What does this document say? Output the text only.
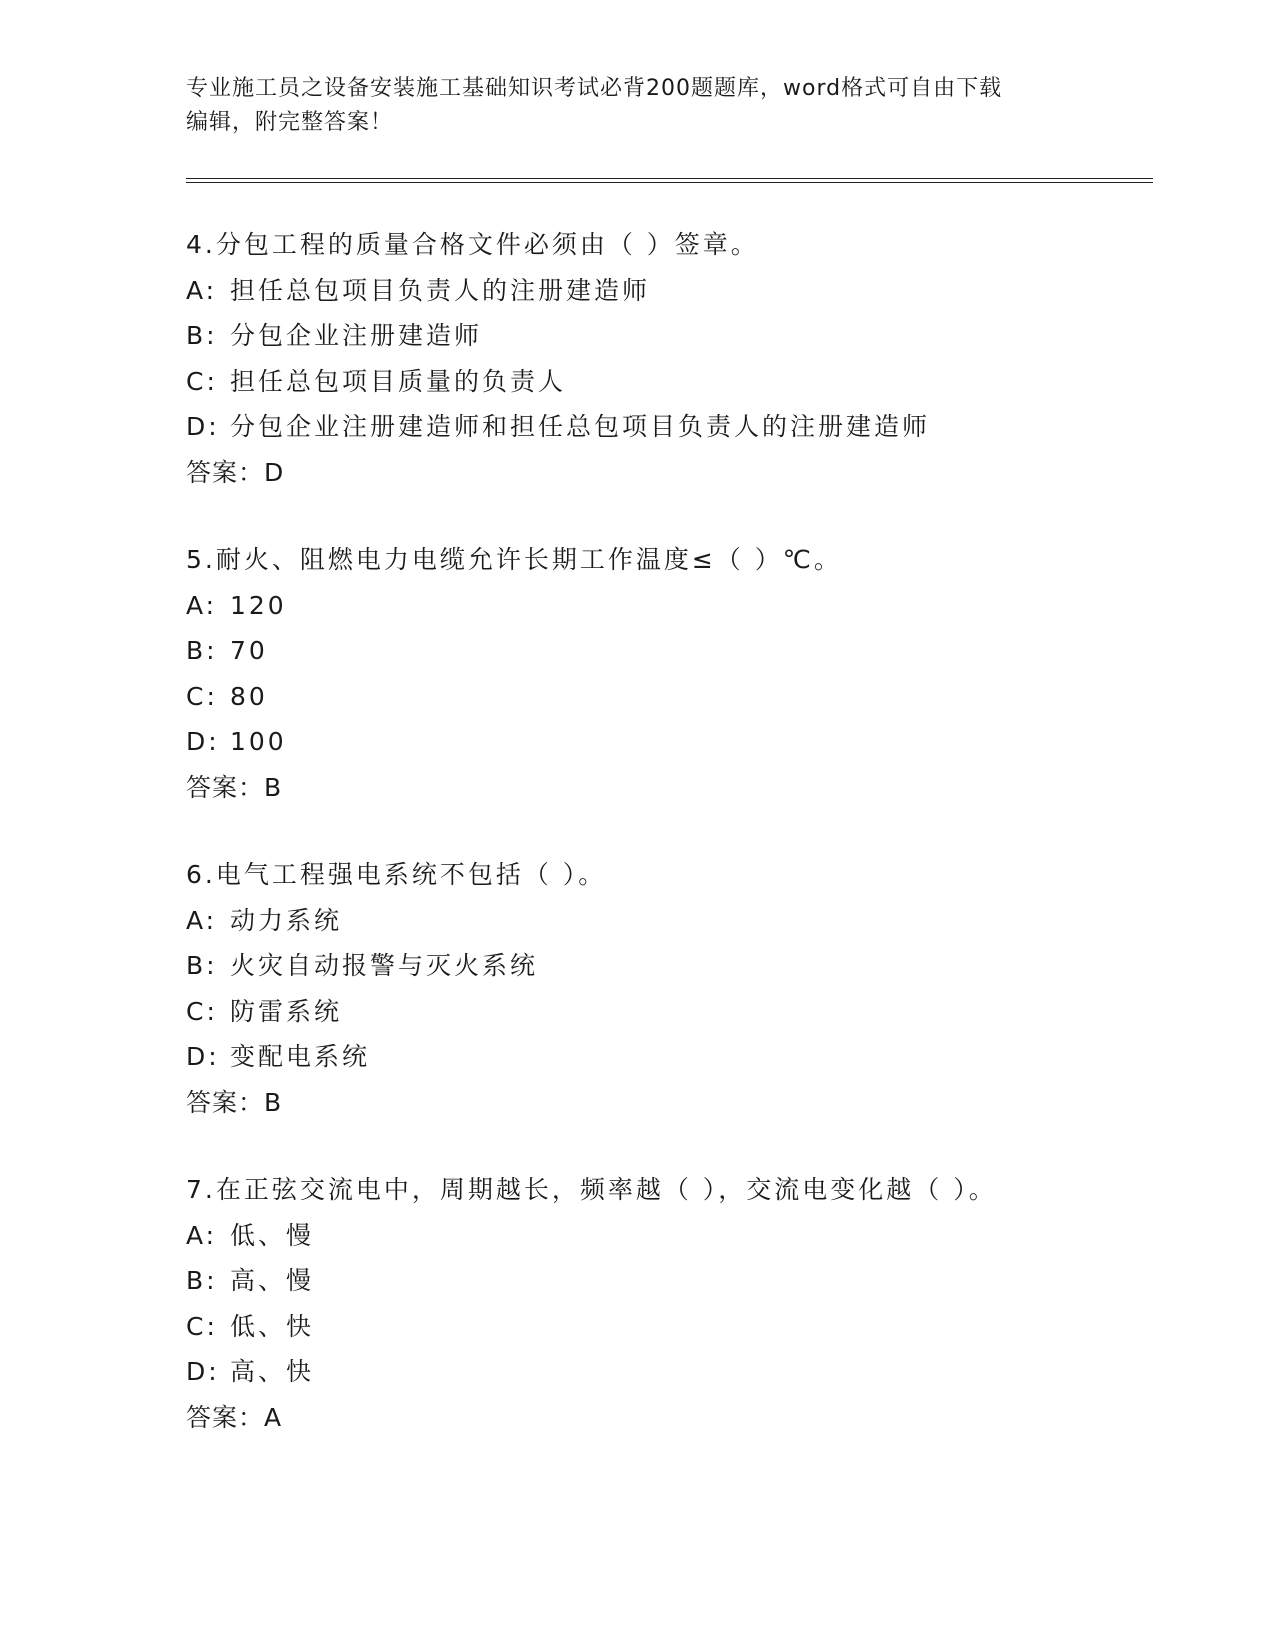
专业施工员之设备安装施工基础知识考试必背200题题库，word格式可自由下载
编辑，附完整答案！
4.分包工程的质量合格文件必须由（ ）签章。
A: 担任总包项目负责人的注册建造师
B: 分包企业注册建造师
C: 担任总包项目质量的负责人
D: 分包企业注册建造师和担任总包项目负责人的注册建造师
答案：D
5.耐火、阻燃电力电缆允许长期工作温度≤（ ）℃。
A: 120
B: 70
C: 80
D: 100
答案：B
6.电气工程强电系统不包括（ ）。
A: 动力系统
B: 火灾自动报警与灭火系统
C: 防雷系统
D: 变配电系统
答案：B
7.在正弦交流电中，周期越长，频率越（ ），交流电变化越（ ）。
A: 低、慢
B: 高、慢
C: 低、快
D: 高、快
答案：A
